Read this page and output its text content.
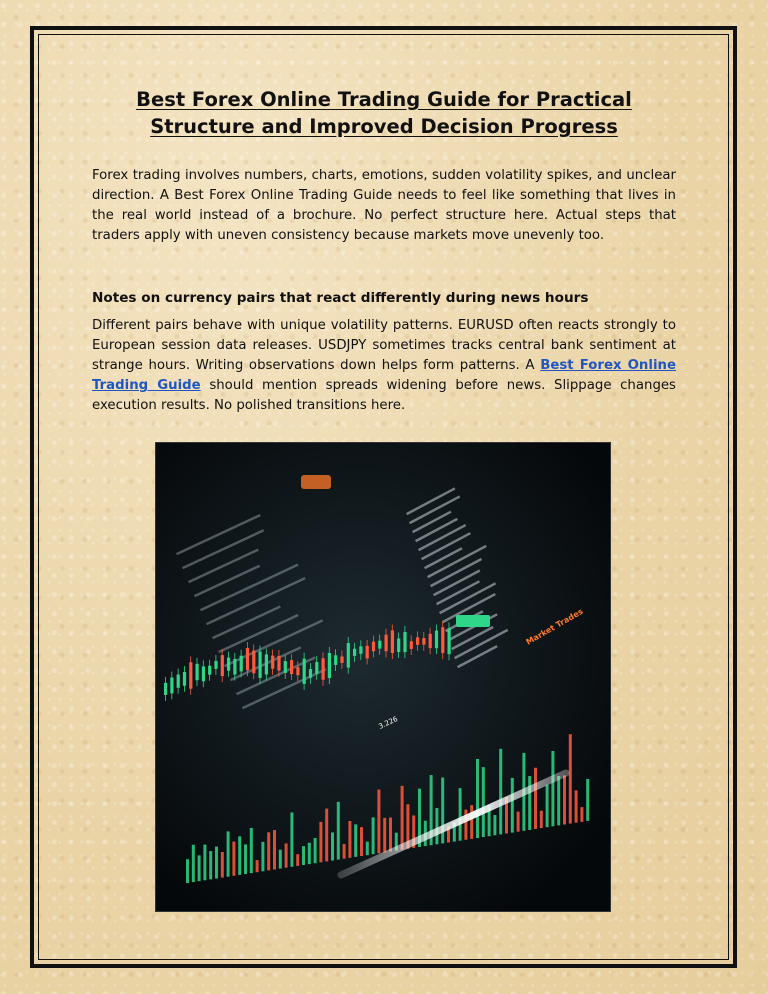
Best Forex Online Trading Guide for Practical
Structure and Improved Decision Progress

Forex trading involves numbers, charts, emotions, sudden volatility spikes, and unclear direction. A Best Forex Online Trading Guide needs to feel like something that lives in the real world instead of a brochure. No perfect structure here. Actual steps that traders apply with uneven consistency because markets move unevenly too.

Notes on currency pairs that react differently during news hours

Different pairs behave with unique volatility patterns. EURUSD often reacts strongly to European session data releases. USDJPY sometimes tracks central bank sentiment at strange hours. Writing observations down helps form patterns. A Best Forex Online Trading Guide should mention spreads widening before news. Slippage changes execution results. No polished transitions here.

Market Trades
3.226
